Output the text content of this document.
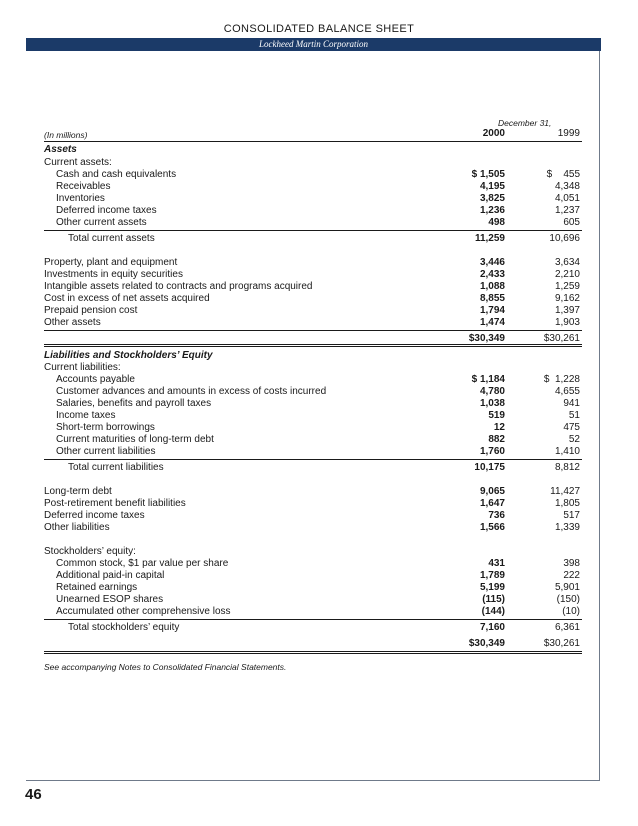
CONSOLIDATED BALANCE SHEET
Lockheed Martin Corporation
December 31,
(In millions)	2000	1999
Assets
Current assets:
Cash and cash equivalents	$ 1,505	$    455
Receivables	4,195	4,348
Inventories	3,825	4,051
Deferred income taxes	1,236	1,237
Other current assets	498	605
Total current assets	11,259	10,696
Property, plant and equipment	3,446	3,634
Investments in equity securities	2,433	2,210
Intangible assets related to contracts and programs acquired	1,088	1,259
Cost in excess of net assets acquired	8,855	9,162
Prepaid pension cost	1,794	1,397
Other assets	1,474	1,903
$30,349	$30,261
Liabilities and Stockholders’ Equity
Current liabilities:
Accounts payable	$ 1,184	$  1,228
Customer advances and amounts in excess of costs incurred	4,780	4,655
Salaries, benefits and payroll taxes	1,038	941
Income taxes	519	51
Short-term borrowings	12	475
Current maturities of long-term debt	882	52
Other current liabilities	1,760	1,410
Total current liabilities	10,175	8,812
Long-term debt	9,065	11,427
Post-retirement benefit liabilities	1,647	1,805
Deferred income taxes	736	517
Other liabilities	1,566	1,339
Stockholders’ equity:
Common stock, $1 par value per share	431	398
Additional paid-in capital	1,789	222
Retained earnings	5,199	5,901
Unearned ESOP shares	(115)	(150)
Accumulated other comprehensive loss	(144)	(10)
Total stockholders’ equity	7,160	6,361
$30,349	$30,261
See accompanying Notes to Consolidated Financial Statements.
46
